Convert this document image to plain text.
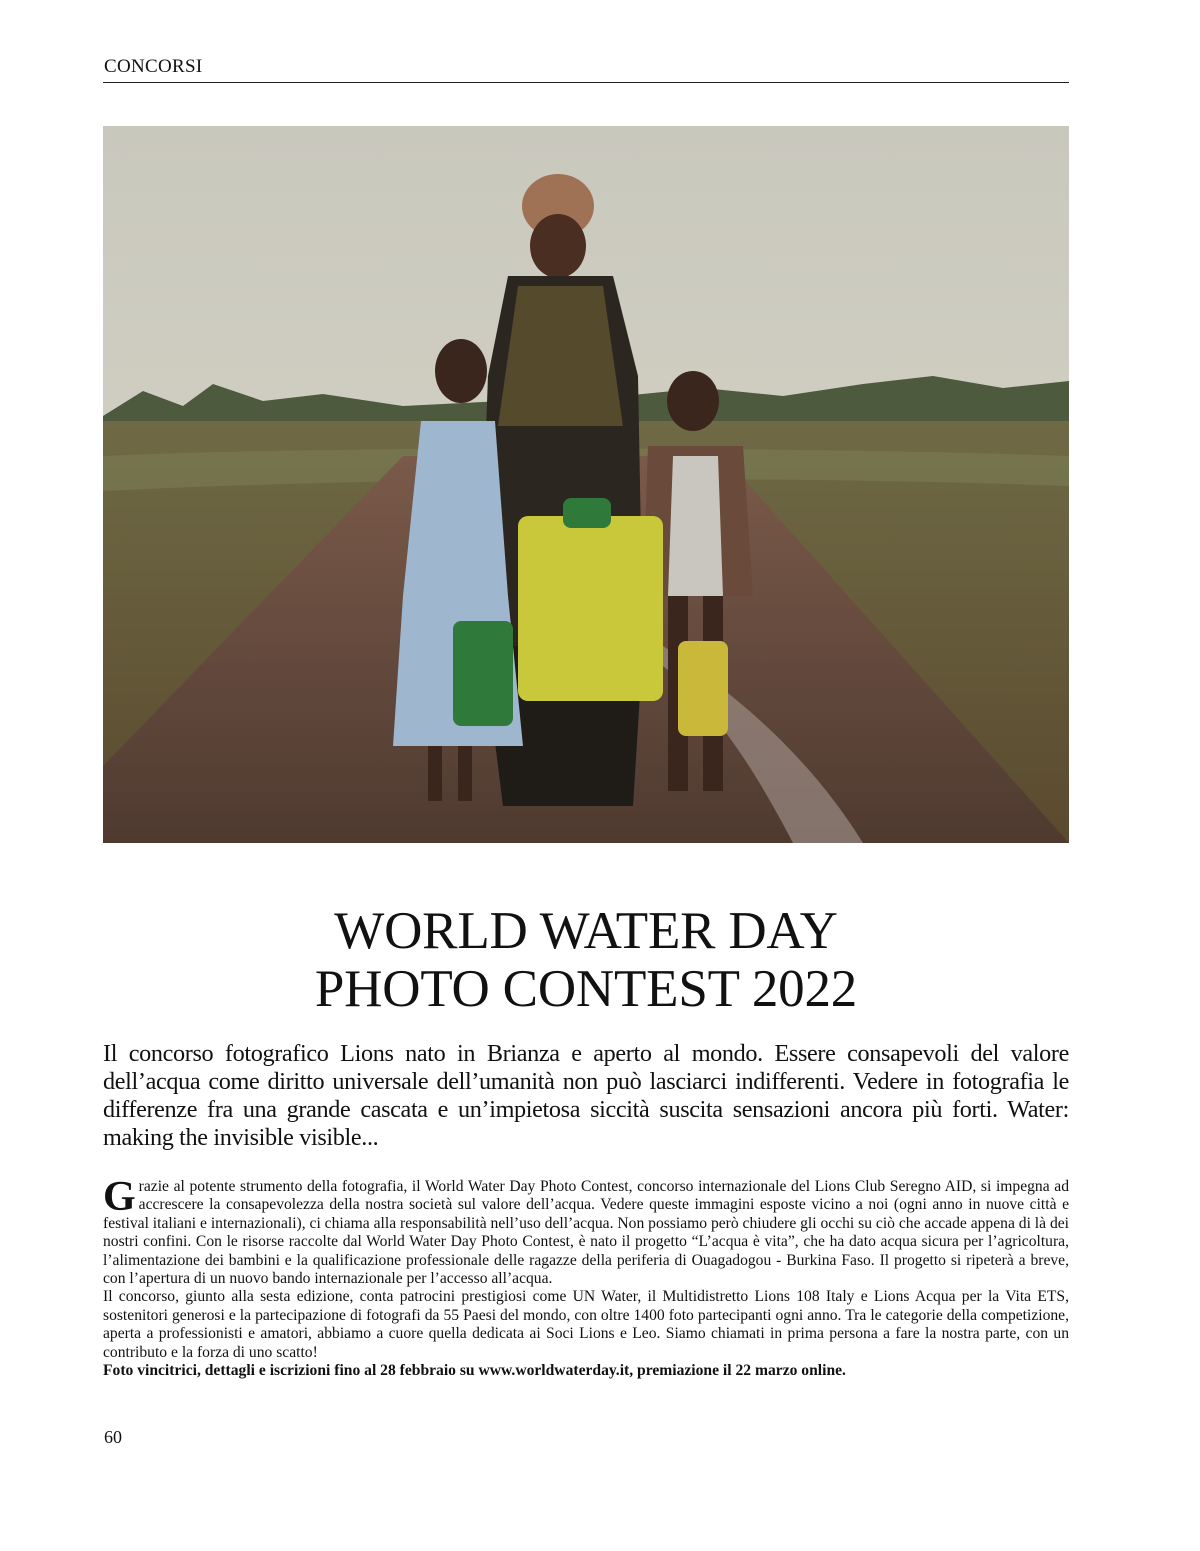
CONCORSI
WORLD WATER DAY
PHOTO CONTEST 2022

Il concorso fotografico Lions nato in Brianza e aperto al mondo. Essere consapevoli del valore dell’acqua come diritto universale dell’umanità non può lasciarci indifferenti. Vedere in fotografia le differenze fra una grande cascata e un’impietosa siccità suscita sensazioni ancora più forti. Water: making the invisible visible...

Grazie al potente strumento della fotografia, il World Water Day Photo Contest, concorso internazionale del Lions Club Seregno AID, si impegna ad accrescere la consapevolezza della nostra società sul valore dell’acqua. Vedere queste immagini esposte vicino a noi (ogni anno in nuove città e festival italiani e internazionali), ci chiama alla responsabilità nell’uso dell’acqua. Non possiamo però chiudere gli occhi su ciò che accade appena di là dei nostri confini. Con le risorse raccolte dal World Water Day Photo Contest, è nato il progetto “L’acqua è vita”, che ha dato acqua sicura per l’agricoltura, l’alimentazione dei bambini e la qualificazione professionale delle ragazze della periferia di Ouagadogou - Burkina Faso. Il progetto si ripeterà a breve, con l’apertura di un nuovo bando internazionale per l’accesso all’acqua.

Il concorso, giunto alla sesta edizione, conta patrocini prestigiosi come UN Water, il Multidistretto Lions 108 Italy e Lions Acqua per la Vita ETS, sostenitori generosi e la partecipazione di fotografi da 55 Paesi del mondo, con oltre 1400 foto partecipanti ogni anno. Tra le categorie della competizione, aperta a professionisti e amatori, abbiamo a cuore quella dedicata ai Soci Lions e Leo. Siamo chiamati in prima persona a fare la nostra parte, con un contributo e la forza di uno scatto!

Foto vincitrici, dettagli e iscrizioni fino al 28 febbraio su www.worldwaterday.it, premiazione il 22 marzo online.

60
